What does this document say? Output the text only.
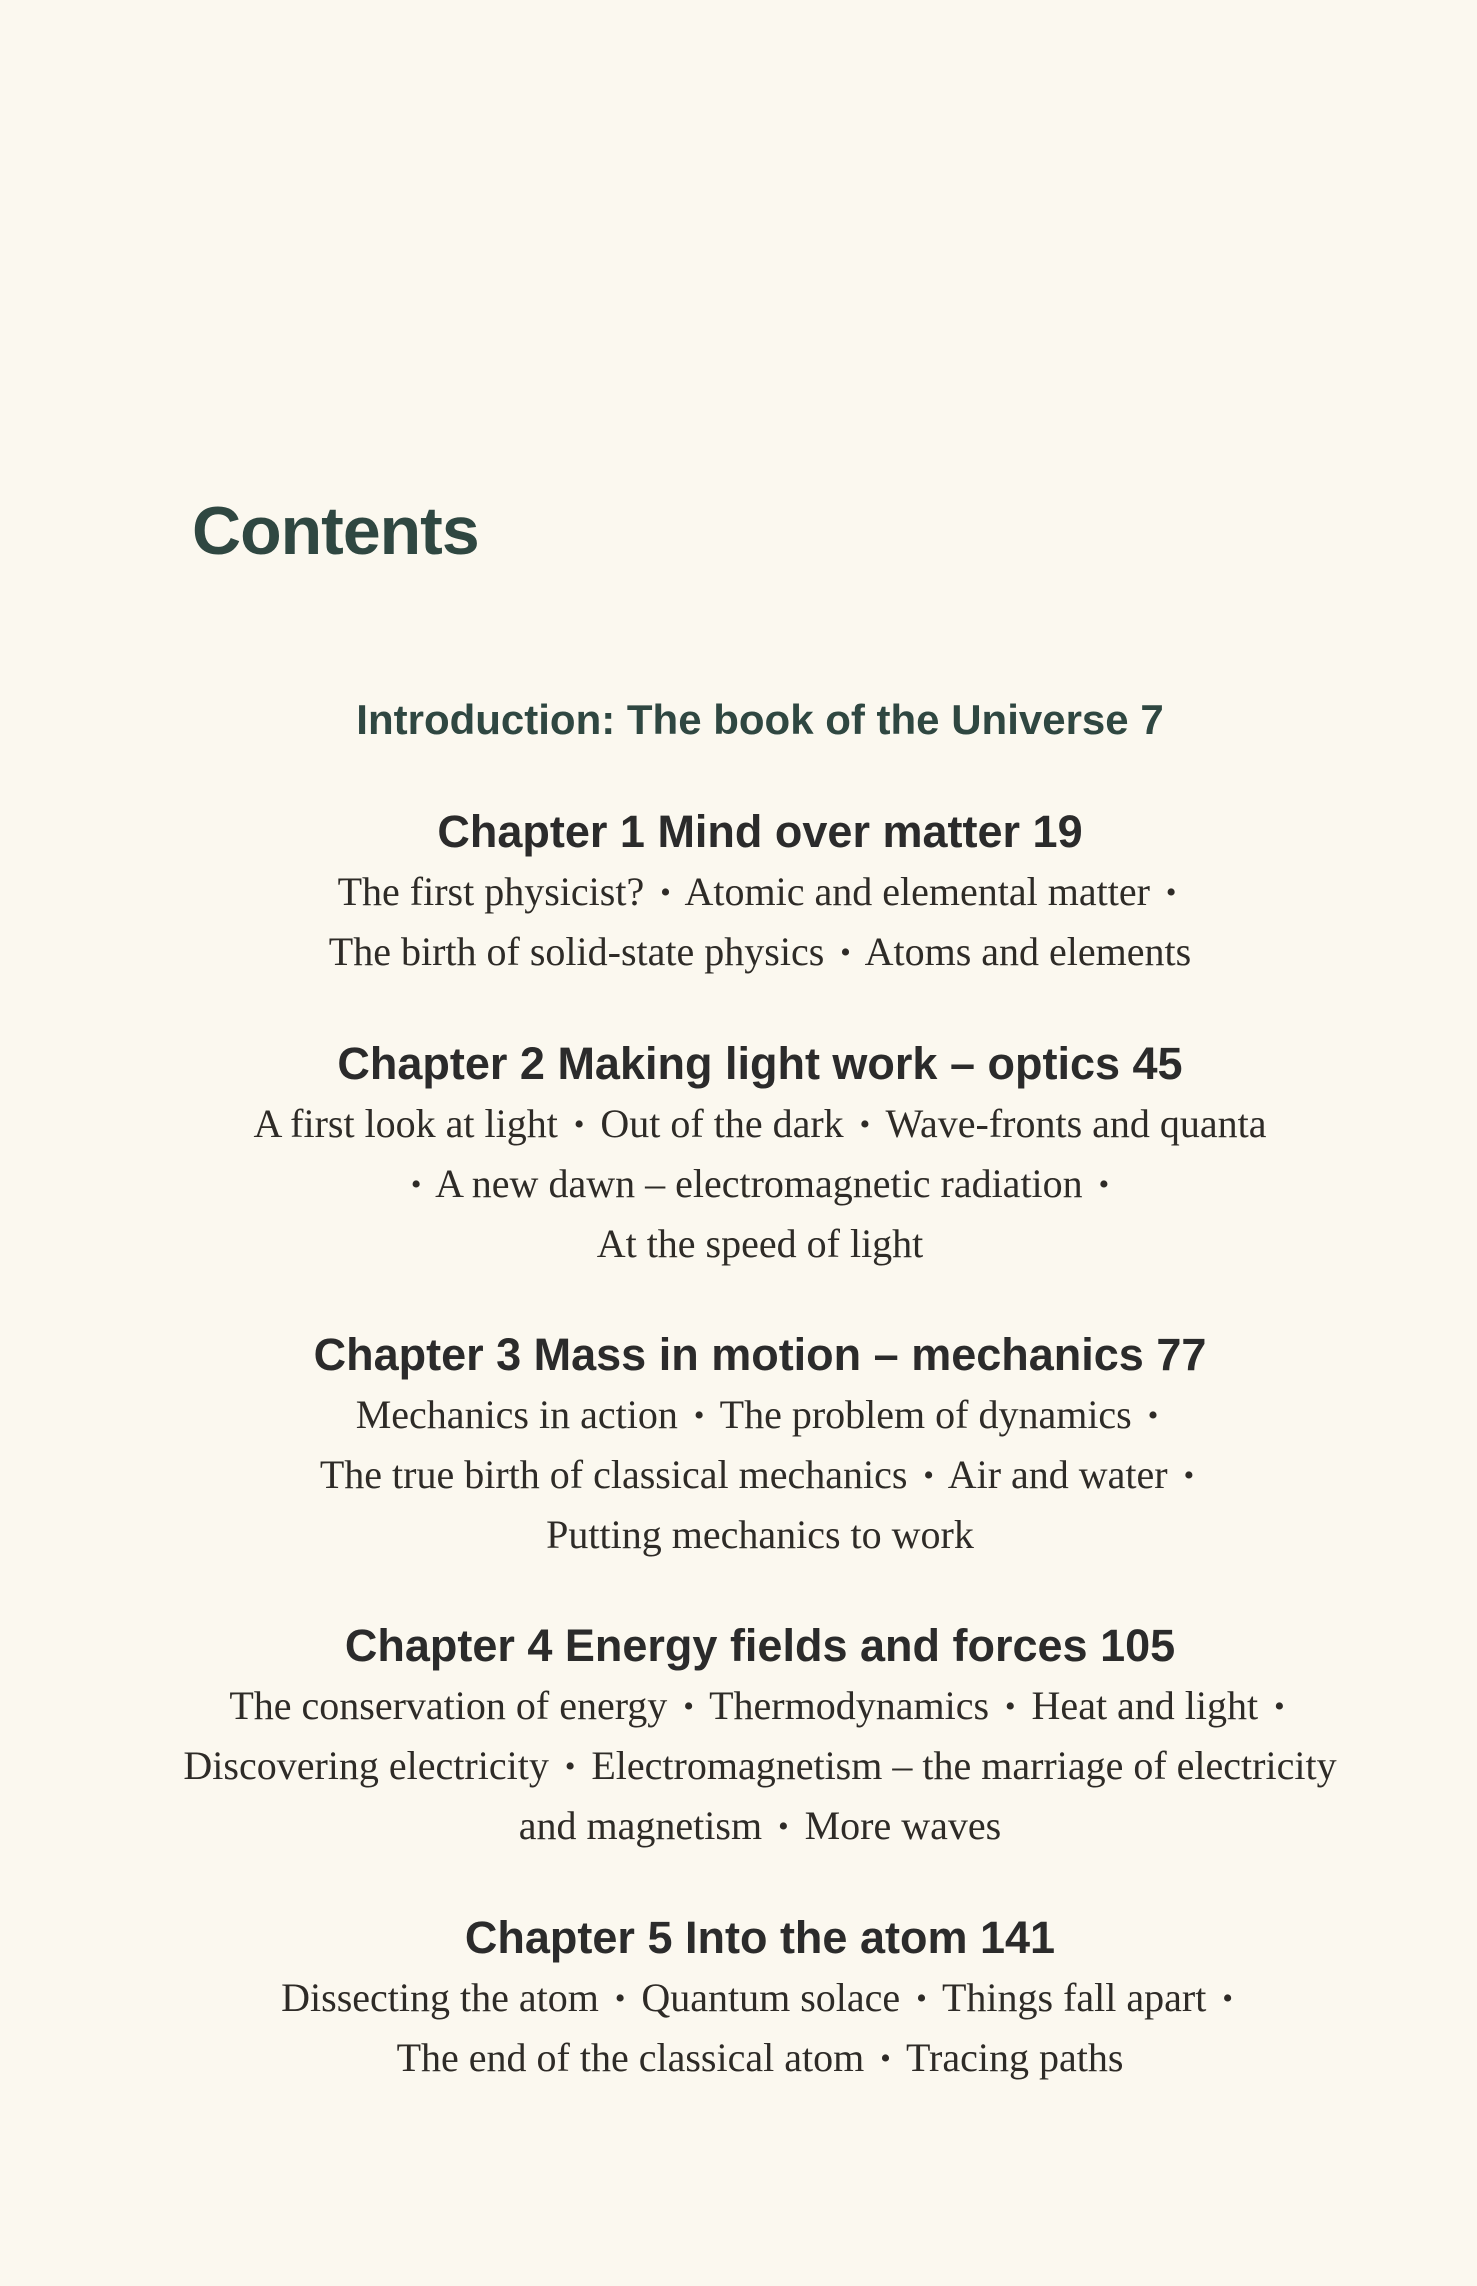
Contents

Introduction: The book of the Universe 7

Chapter 1 Mind over matter 19

The first physicist? • Atomic and elemental matter • The birth of solid-state physics • Atoms and elements

Chapter 2 Making light work – optics 45

A first look at light • Out of the dark • Wave-fronts and quanta • A new dawn – electromagnetic radiation • At the speed of light

Chapter 3 Mass in motion – mechanics 77

Mechanics in action • The problem of dynamics • The true birth of classical mechanics • Air and water • Putting mechanics to work

Chapter 4 Energy fields and forces 105

The conservation of energy • Thermodynamics • Heat and light • Discovering electricity • Electromagnetism – the marriage of electricity and magnetism • More waves

Chapter 5 Into the atom 141

Dissecting the atom • Quantum solace • Things fall apart • The end of the classical atom • Tracing paths
